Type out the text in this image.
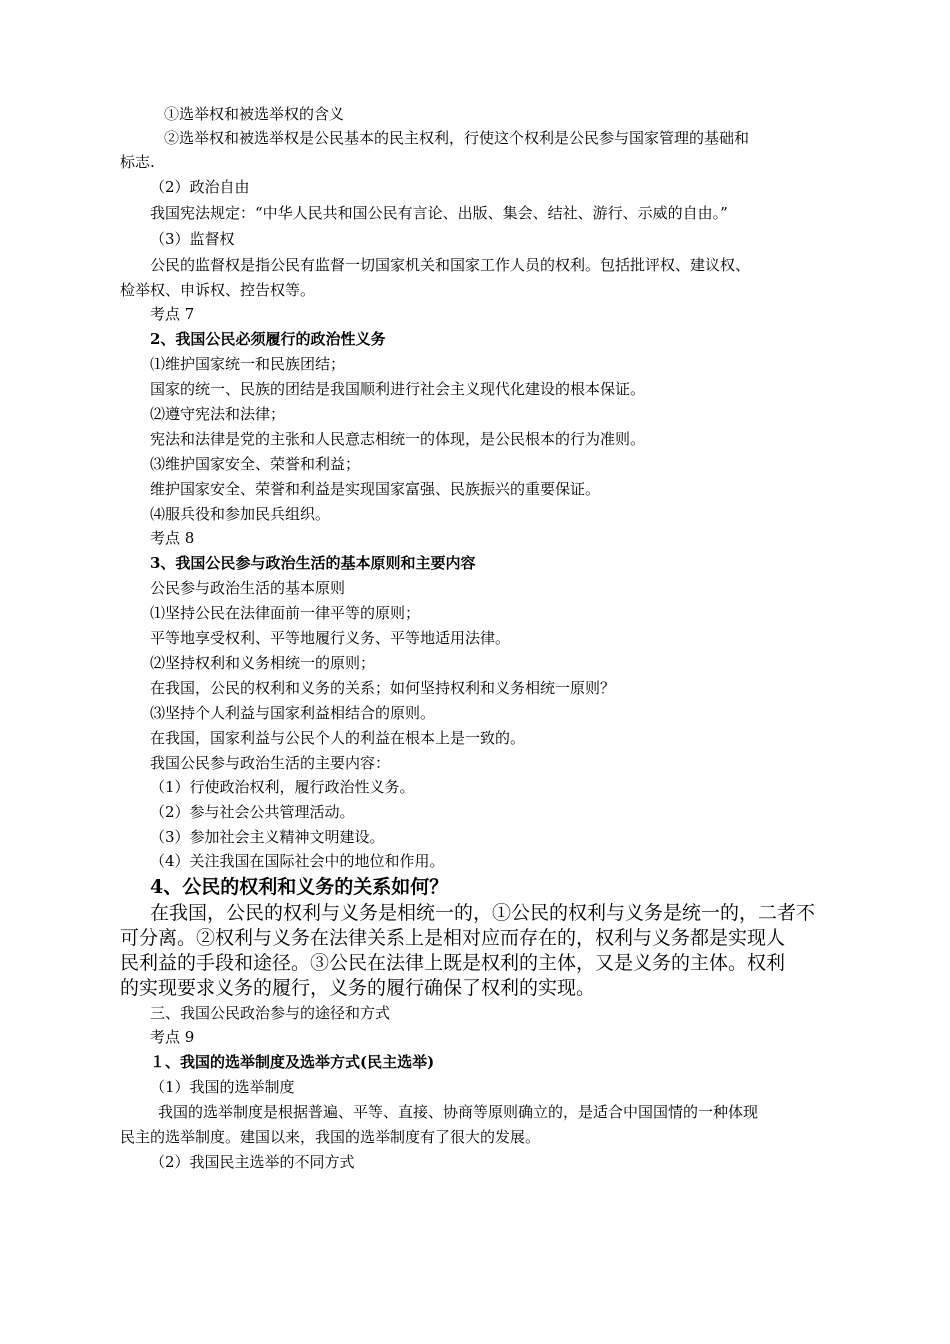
①选举权和被选举权的含义
②选举权和被选举权是公民基本的民主权利，行使这个权利是公民参与国家管理的基础和
标志.
（2）政治自由
我国宪法规定：“中华人民共和国公民有言论、出版、集会、结社、游行、示威的自由。”
（3）监督权
公民的监督权是指公民有监督一切国家机关和国家工作人员的权利。包括批评权、建议权、
检举权、申诉权、控告权等。
考点 7
2、我国公民必须履行的政治性义务
⑴维护国家统一和民族团结；
国家的统一、民族的团结是我国顺利进行社会主义现代化建设的根本保证。
⑵遵守宪法和法律；
宪法和法律是党的主张和人民意志相统一的体现，是公民根本的行为准则。
⑶维护国家安全、荣誉和利益；
维护国家安全、荣誉和利益是实现国家富强、民族振兴的重要保证。
⑷服兵役和参加民兵组织。
考点 8
3、我国公民参与政治生活的基本原则和主要内容
公民参与政治生活的基本原则
⑴坚持公民在法律面前一律平等的原则；
平等地享受权利、平等地履行义务、平等地适用法律。
⑵坚持权利和义务相统一的原则；
在我国，公民的权利和义务的关系；如何坚持权利和义务相统一原则？
⑶坚持个人利益与国家利益相结合的原则。
在我国，国家利益与公民个人的利益在根本上是一致的。
我国公民参与政治生活的主要内容：
（1）行使政治权利，履行政治性义务。
（2）参与社会公共管理活动。
（3）参加社会主义精神文明建设。
（4）关注我国在国际社会中的地位和作用。
4、公民的权利和义务的关系如何？
在我国，公民的权利与义务是相统一的，①公民的权利与义务是统一的，二者不
可分离。②权利与义务在法律关系上是相对应而存在的，权利与义务都是实现人
民利益的手段和途径。③公民在法律上既是权利的主体，又是义务的主体。权利
的实现要求义务的履行，义务的履行确保了权利的实现。
三、我国公民政治参与的途径和方式
考点 9
１、我国的选举制度及选举方式(民主选举)
（1）我国的选举制度
我国的选举制度是根据普遍、平等、直接、协商等原则确立的，是适合中国国情的一种体现
民主的选举制度。建国以来，我国的选举制度有了很大的发展。
（2）我国民主选举的不同方式
